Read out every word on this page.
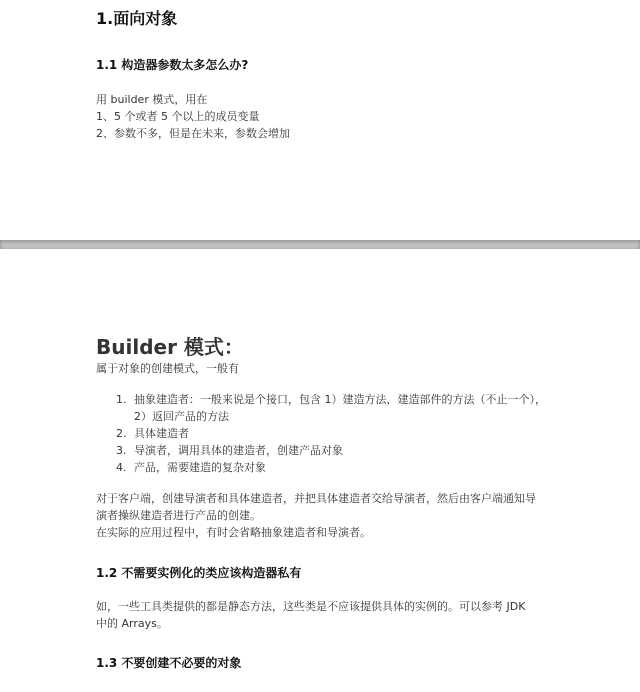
1.面向对象
1.1 构造器参数太多怎么办?
用 builder 模式，用在
1、5 个或者 5 个以上的成员变量
2、参数不多，但是在未来，参数会增加
Builder 模式：
属于对象的创建模式，一般有
1. 抽象建造者：一般来说是个接口，包含 1）建造方法，建造部件的方法（不止一个），
2）返回产品的方法
2. 具体建造者
3. 导演者，调用具体的建造者，创建产品对象
4. 产品，需要建造的复杂对象
对于客户端，创建导演者和具体建造者，并把具体建造者交给导演者，然后由客户端通知导
演者操纵建造者进行产品的创建。
在实际的应用过程中，有时会省略抽象建造者和导演者。
1.2 不需要实例化的类应该构造器私有
如，一些工具类提供的都是静态方法，这些类是不应该提供具体的实例的。可以参考 JDK
中的 Arrays。
1.3 不要创建不必要的对象
